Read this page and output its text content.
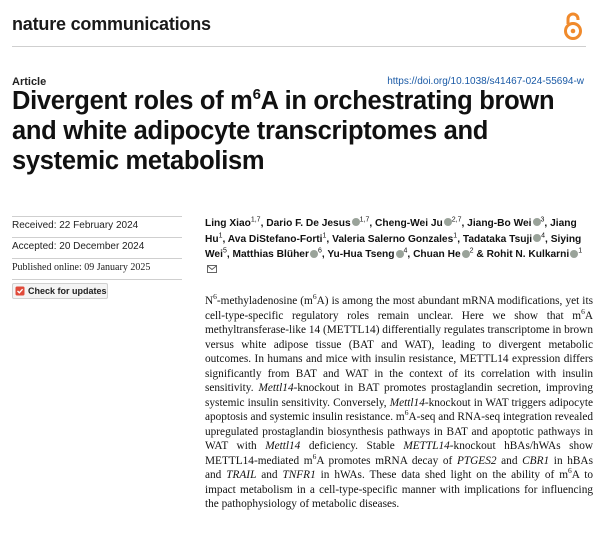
nature communications
Article	https://doi.org/10.1038/s41467-024-55694-w
Divergent roles of $m^6A$ in orchestrating brown and white adipocyte transcriptomes and systemic metabolism
Received: 22 February 2024
Accepted: 20 December 2024
Published online: 09 January 2025
Check for updates
Ling Xiao$^{1,7}$, Dario F. De Jesus $^{1,7}$, Cheng-Wei Ju $^{2,7}$, Jiang-Bo Wei $^3$, Jiang Hu$^1$, Ava DiStefano-Forti$^1$, Valeria Salerno Gonzales$^1$, Tadataka Tsuji $^4$, Siying Wei$^5$, Matthias Blüher $^6$, Yu-Hua Tseng $^4$, Chuan He $^2$ & Rohit N. Kulkarni $^1$

$N^6$-methyladenosine $(m^6A)$ is among the most abundant mRNA modifications, yet its cell-type-specific regulatory roles remain unclear. Here we show that $m^6A$ methyltransferase-like 14 (METTL14) differentially regulates transcriptome in brown versus white adipose tissue (BAT and WAT), leading to divergent metabolic outcomes. In humans and mice with insulin resistance, METTL14 expression differs significantly from BAT and WAT in the context of its correlation with insulin sensitivity. Mettl14-knockout in BAT promotes prostaglandin secretion, improving systemic insulin sensitivity. Conversely, Mettl14-knockout in WAT triggers adipocyte apoptosis and systemic insulin resistance. $m^6A$-seq and RNA-seq integration revealed upregulated prostaglandin biosynthesis pathways in BAT and apoptotic pathways in WAT with Mettl14 deficiency. Stable METTL14-knockout hBAs/hWAs show METTL14-mediated $m^6A$ promotes mRNA decay of PTGES2 and CBR1 in hBAs and TRAIL and TNFR1 in hWAs. These data shed light on the ability of $m^6A$ to impact metabolism in a cell-type-specific manner with implications for influencing the pathophysiology of metabolic diseases.
